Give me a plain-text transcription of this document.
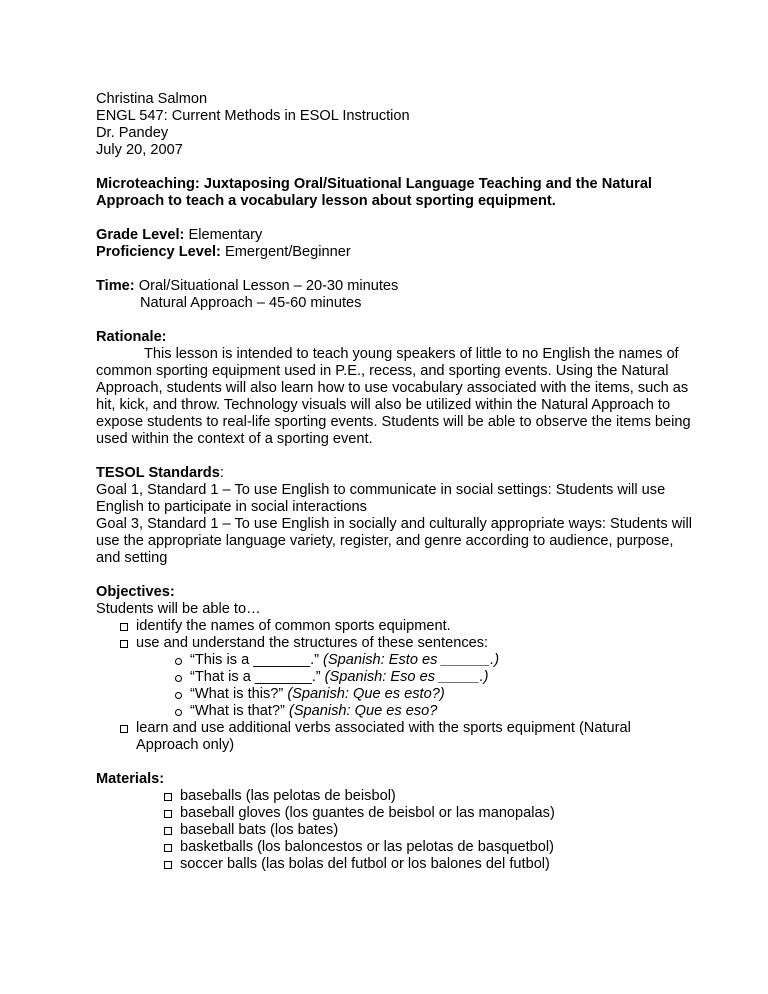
Christina Salmon

ENGL 547: Current Methods in ESOL Instruction

Dr. Pandey

July 20, 2007

Microteaching: Juxtaposing Oral/Situational Language Teaching and the Natural Approach to teach a vocabulary lesson about sporting equipment.

Grade Level: Elementary

Proficiency Level: Emergent/Beginner

Time: Oral/Situational Lesson – 20-30 minutes

Natural Approach – 45-60 minutes

Rationale:

This lesson is intended to teach young speakers of little to no English the names of common sporting equipment used in P.E., recess, and sporting events. Using the Natural Approach, students will also learn how to use vocabulary associated with the items, such as hit, kick, and throw. Technology visuals will also be utilized within the Natural Approach to expose students to real-life sporting events. Students will be able to observe the items being used within the context of a sporting event.

TESOL Standards:

Goal 1, Standard 1 – To use English to communicate in social settings: Students will use English to participate in social interactions

Goal 3, Standard 1 – To use English in socially and culturally appropriate ways: Students will use the appropriate language variety, register, and genre according to audience, purpose, and setting

Objectives:

Students will be able to…

identify the names of common sports equipment.
use and understand the structures of these sentences:
“This is a _______.” (Spanish: Esto es ______.)
“That is a _______.” (Spanish: Eso es _____.)
“What is this?” (Spanish: Que es esto?)
“What is that?” (Spanish: Que es eso?
learn and use additional verbs associated with the sports equipment (Natural Approach only)

Materials:

baseballs (las pelotas de beisbol)
baseball gloves (los guantes de beisbol or las manopalas)
baseball bats (los bates)
basketballs (los baloncestos or las pelotas de basquetbol)
soccer balls (las bolas del futbol or los balones del futbol)
